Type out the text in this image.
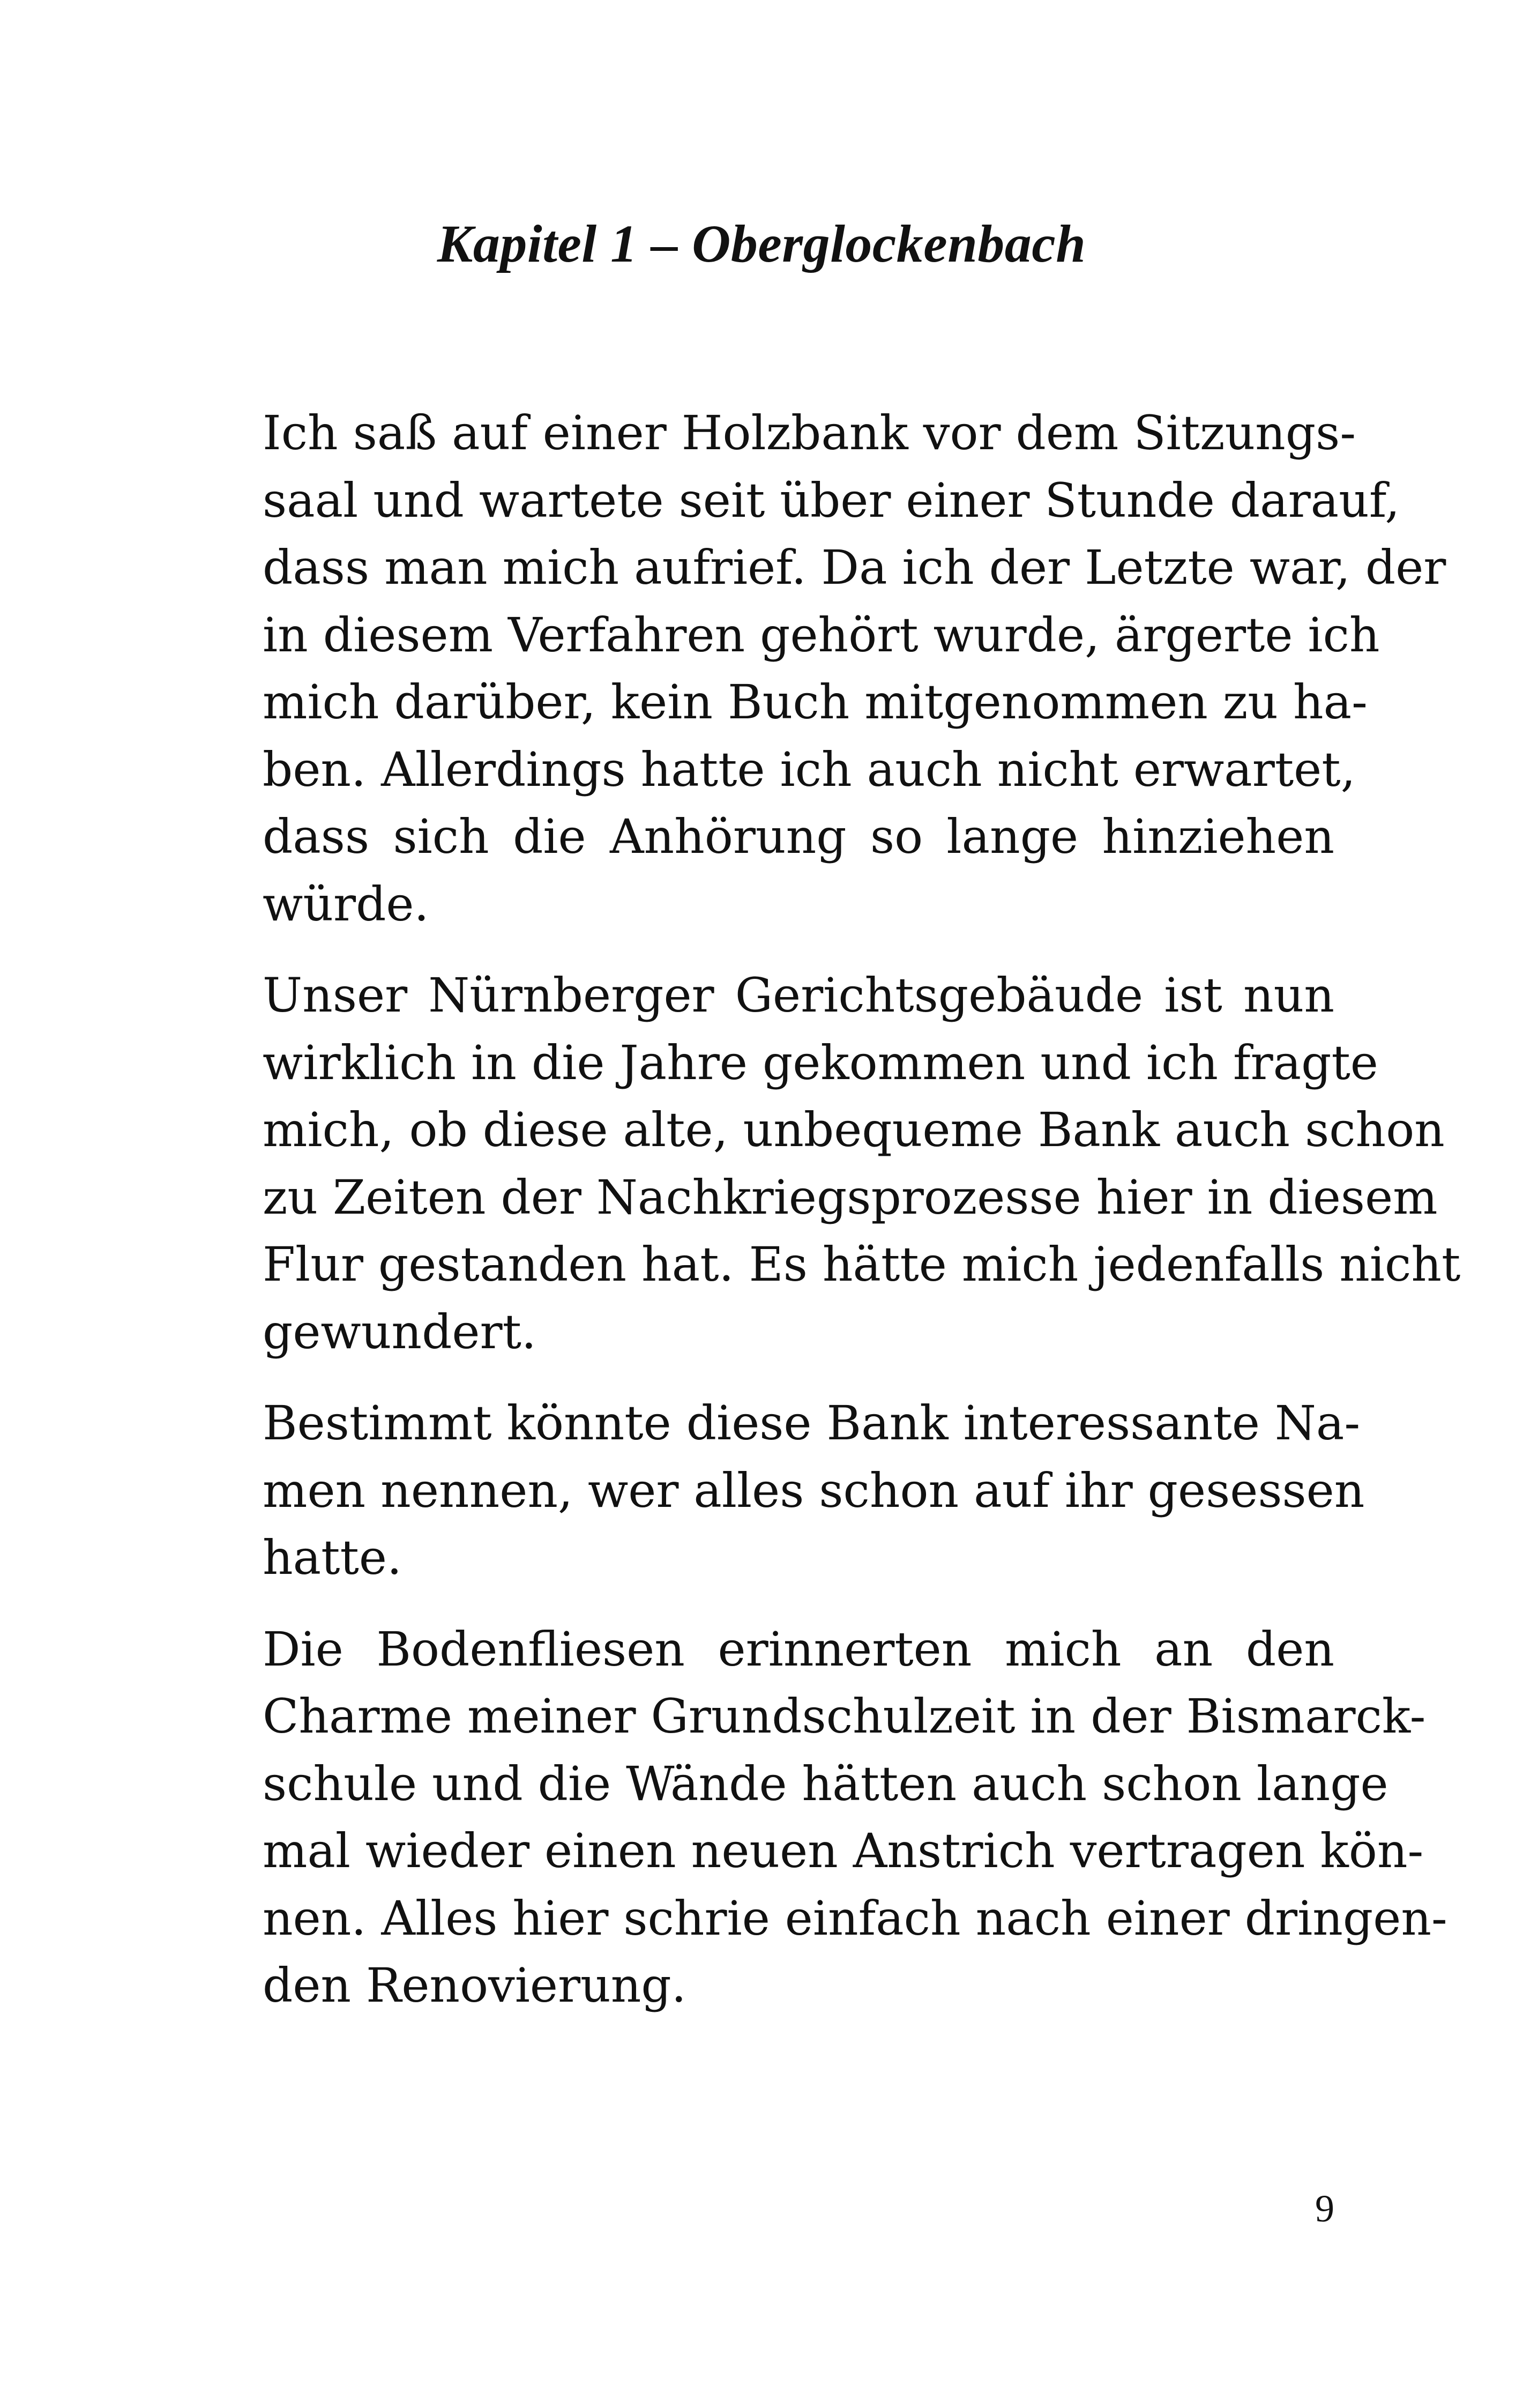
Kapitel 1 – Oberglockenbach
Ich saß auf einer Holzbank vor dem Sitzungs-
saal und wartete seit über einer Stunde darauf,
dass man mich aufrief. Da ich der Letzte war, der
in diesem Verfahren gehört wurde, ärgerte ich
mich darüber, kein Buch mitgenommen zu ha-
ben. Allerdings hatte ich auch nicht erwartet,
dass sich die Anhörung so lange hinziehen
würde.
Unser Nürnberger Gerichtsgebäude ist nun
wirklich in die Jahre gekommen und ich fragte
mich, ob diese alte, unbequeme Bank auch schon
zu Zeiten der Nachkriegsprozesse hier in diesem
Flur gestanden hat. Es hätte mich jedenfalls nicht
gewundert.
Bestimmt könnte diese Bank interessante Na-
men nennen, wer alles schon auf ihr gesessen
hatte.
Die Bodenfliesen erinnerten mich an den
Charme meiner Grundschulzeit in der Bismarck-
schule und die Wände hätten auch schon lange
mal wieder einen neuen Anstrich vertragen kön-
nen. Alles hier schrie einfach nach einer dringen-
den Renovierung.
9
